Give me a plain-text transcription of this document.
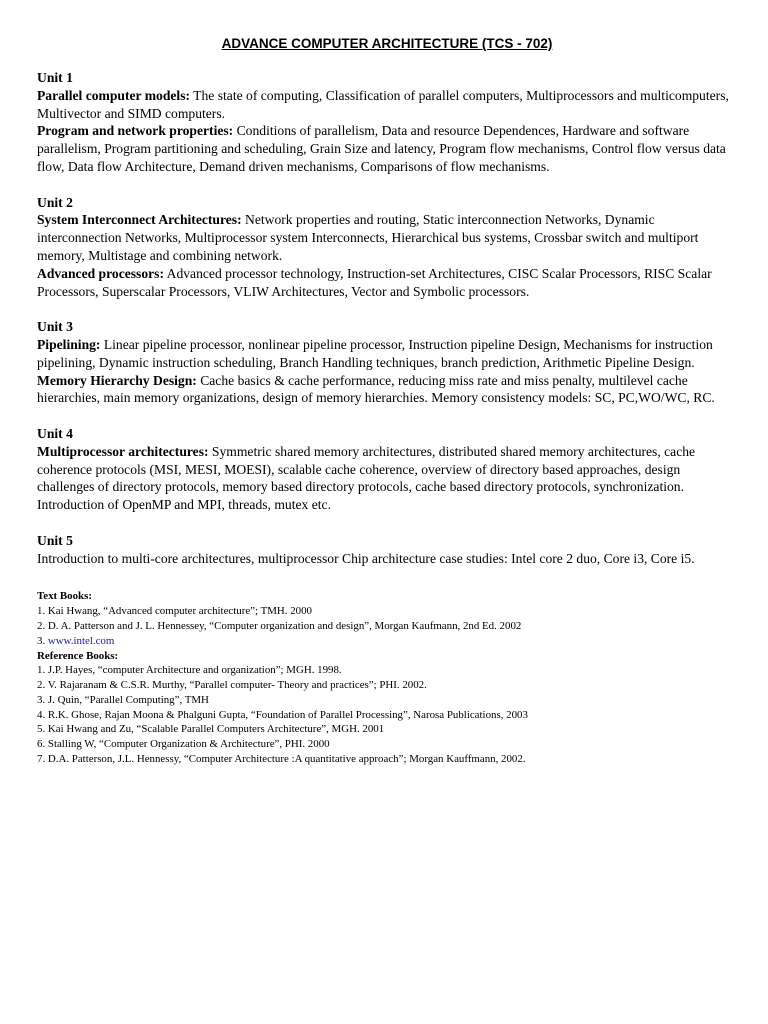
ADVANCE COMPUTER ARCHITECTURE (TCS - 702)
Unit 1
Parallel computer models: The state of computing, Classification of parallel computers, Multiprocessors and multicomputers, Multivector and SIMD computers.
Program and network properties: Conditions of parallelism, Data and resource Dependences, Hardware and software parallelism, Program partitioning and scheduling, Grain Size and latency, Program flow mechanisms, Control flow versus data flow, Data flow Architecture, Demand driven mechanisms, Comparisons of flow mechanisms.
Unit 2
System Interconnect Architectures: Network properties and routing, Static interconnection Networks, Dynamic interconnection Networks, Multiprocessor system Interconnects, Hierarchical bus systems, Crossbar switch and multiport memory, Multistage and combining network.
Advanced processors: Advanced processor technology, Instruction-set Architectures, CISC Scalar Processors, RISC Scalar Processors, Superscalar Processors, VLIW Architectures, Vector and Symbolic processors.
Unit 3
Pipelining: Linear pipeline processor, nonlinear pipeline processor, Instruction pipeline Design, Mechanisms for instruction pipelining, Dynamic instruction scheduling, Branch Handling techniques, branch prediction, Arithmetic Pipeline Design.
Memory Hierarchy Design: Cache basics & cache performance, reducing miss rate and miss penalty, multilevel cache hierarchies, main memory organizations, design of memory hierarchies. Memory consistency models: SC, PC,WO/WC, RC.
Unit 4
Multiprocessor architectures: Symmetric shared memory architectures, distributed shared memory architectures, cache coherence protocols (MSI, MESI, MOESI), scalable cache coherence, overview of directory based approaches, design challenges of directory protocols, memory based directory protocols, cache based directory protocols, synchronization. Introduction of OpenMP and MPI, threads, mutex etc.
Unit 5
Introduction to multi-core architectures, multiprocessor Chip architecture case studies: Intel core 2 duo, Core i3, Core i5.
Text Books:
1. Kai Hwang, “Advanced computer architecture”; TMH. 2000
2. D. A. Patterson and J. L. Hennessey, “Computer organization and design”, Morgan Kaufmann, 2nd Ed. 2002
3. www.intel.com
Reference Books:
1. J.P. Hayes, “computer Architecture and organization”; MGH. 1998.
2. V. Rajaranam & C.S.R. Murthy, “Parallel computer- Theory and practices”; PHI. 2002.
3. J. Quin, “Parallel Computing”, TMH
4. R.K. Ghose, Rajan Moona & Phalguni Gupta, “Foundation of Parallel Processing”, Narosa Publications, 2003
5. Kai Hwang and Zu, “Scalable Parallel Computers Architecture”, MGH. 2001
6. Stalling W, “Computer Organization & Architecture”, PHI. 2000
7. D.A. Patterson, J.L. Hennessy, “Computer Architecture :A quantitative approach”; Morgan Kauffmann, 2002.
